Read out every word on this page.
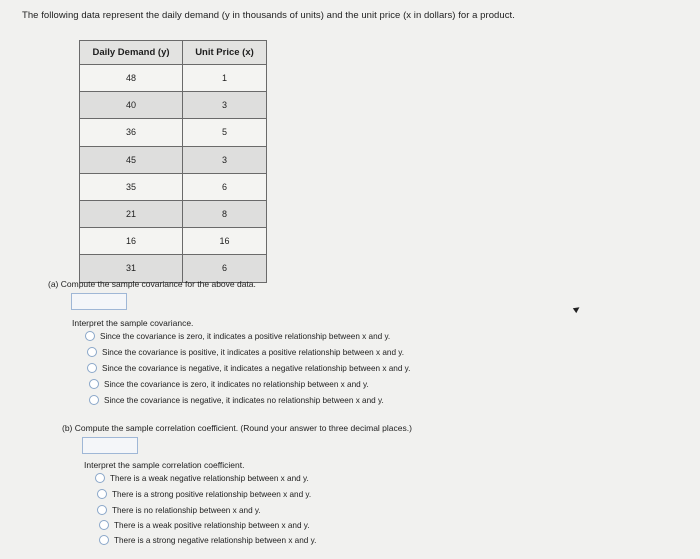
The following data represent the daily demand (y in thousands of units) and the unit price (x in dollars) for a product.
Daily Demand (y)	Unit Price (x)
48	1
40	3
36	5
45	3
35	6
21	8
16	16
31	6
(a) Compute the sample covariance for the above data.
Interpret the sample covariance.
Since the covariance is zero, it indicates a positive relationship between x and y.
Since the covariance is positive, it indicates a positive relationship between x and y.
Since the covariance is negative, it indicates a negative relationship between x and y.
Since the covariance is zero, it indicates no relationship between x and y.
Since the covariance is negative, it indicates no relationship between x and y.
(b) Compute the sample correlation coefficient. (Round your answer to three decimal places.)
Interpret the sample correlation coefficient.
There is a weak negative relationship between x and y.
There is a strong positive relationship between x and y.
There is no relationship between x and y.
There is a weak positive relationship between x and y.
There is a strong negative relationship between x and y.
